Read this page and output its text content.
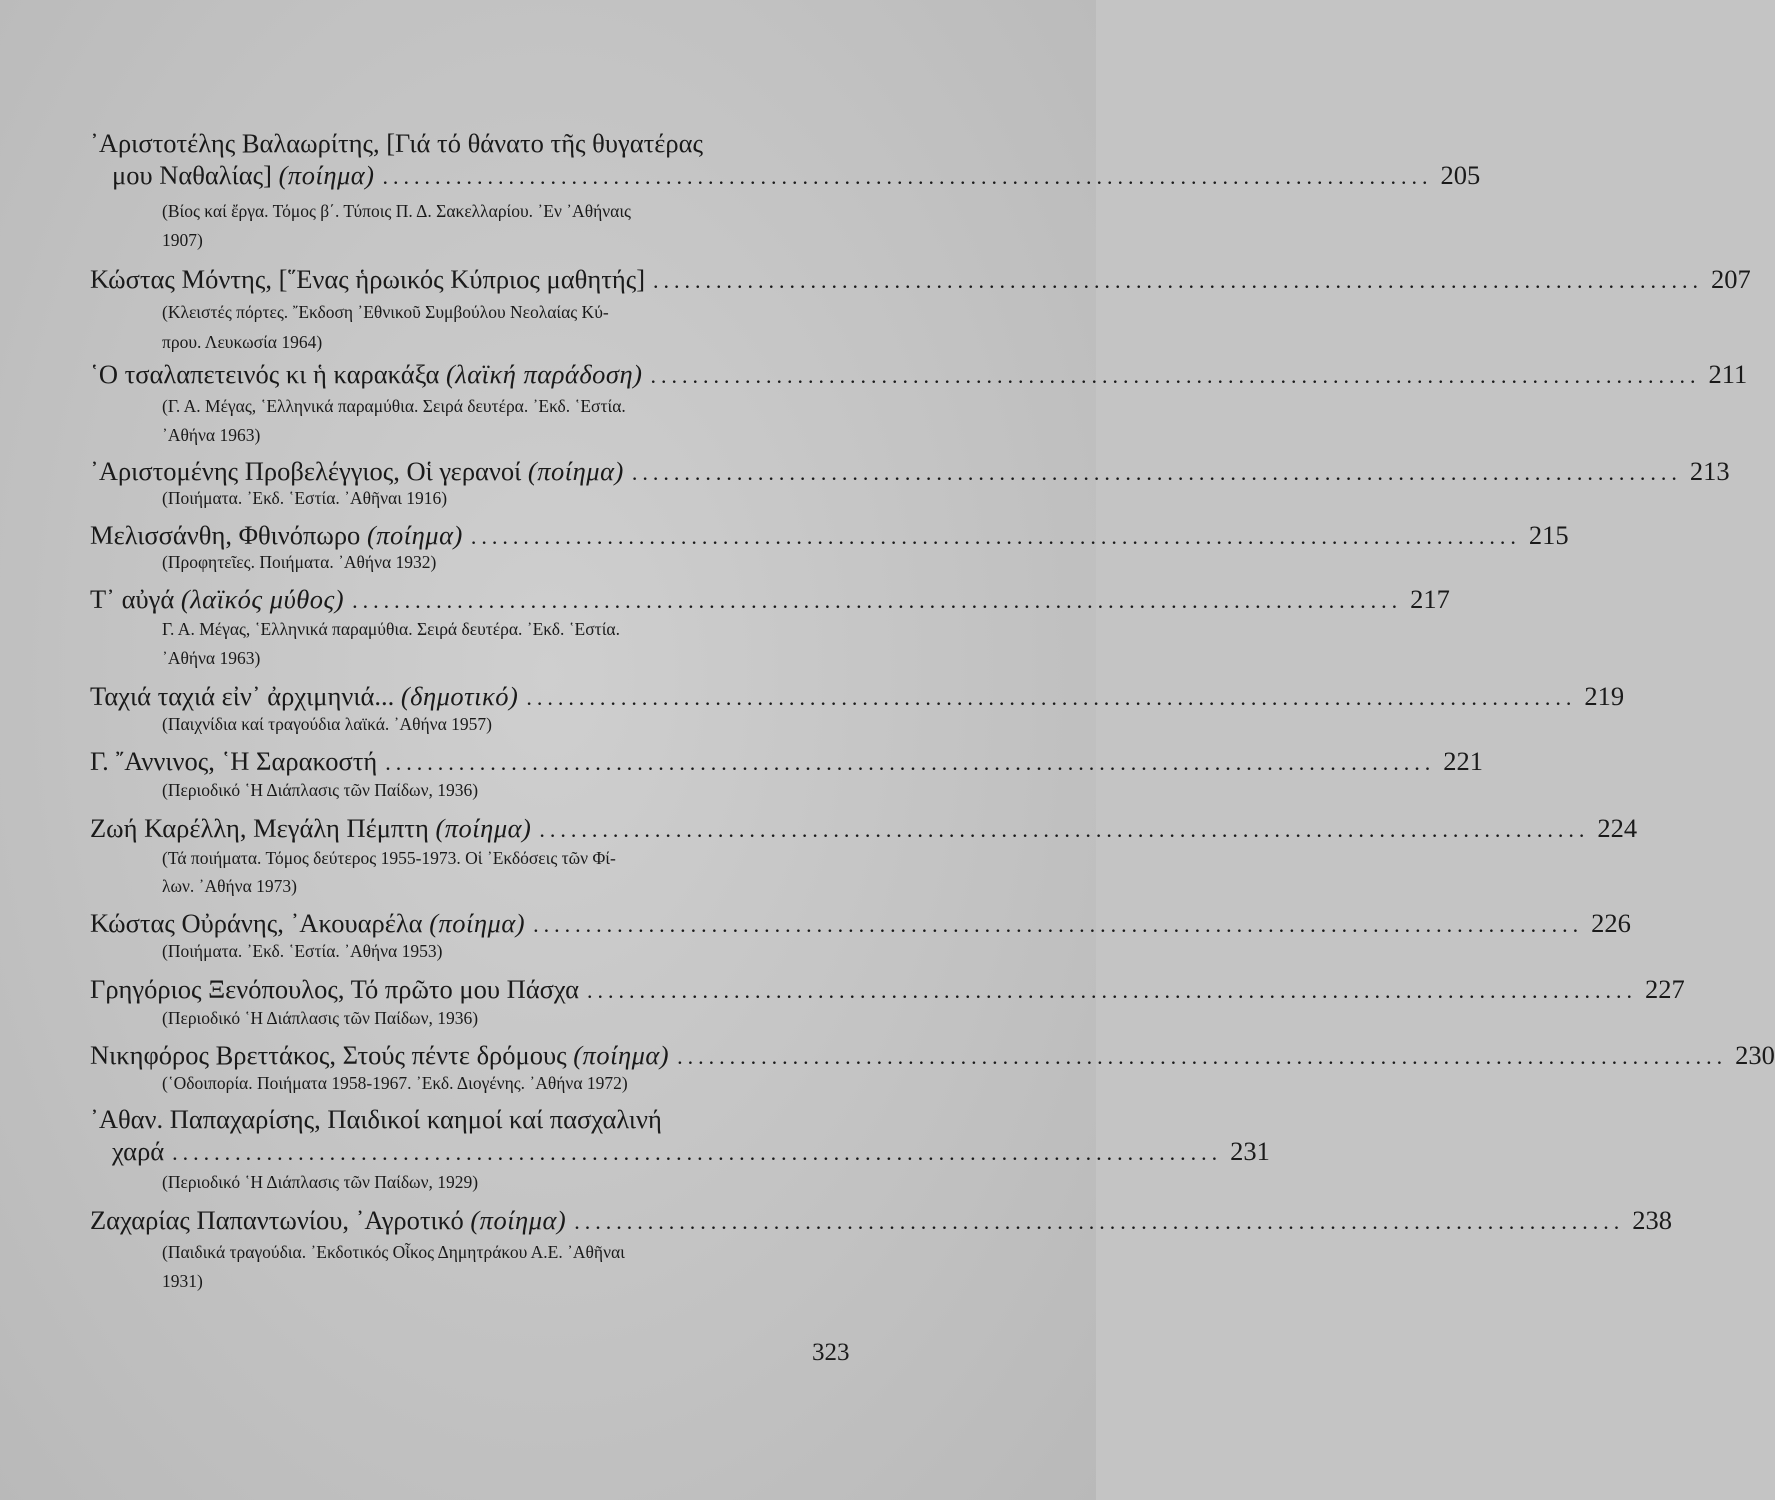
᾿Αριστοτέλης Βαλαωρίτης, [Γιά τό θάνατο τῆς θυγατέρας
μου Ναθαλίας]
(ποίημα) .................................................................................................... 205
(Βίος καί ἔργα. Τόμος β΄. Τύποις Π. Δ. Σακελλαρίου. ᾿Εν ᾿Αθήναις
1907)
Κώστας Μόντης, [῞Ενας ἡρωικός Κύπριος μαθητής] .................................................................................................... 207
(Κλειστές πόρτες. ῎Εκδοση ᾿Εθνικοῦ Συμβούλου Νεολαίας Κύ-
πρου. Λευκωσία 1964)
῾Ο τσαλαπετεινός κι ἡ καρακάξα
(λαϊκή παράδοση) .................................................................................................... 211
(Γ. Α. Μέγας, ῾Ελληνικά παραμύθια. Σειρά δευτέρα. ᾿Εκδ. ῾Εστία.
᾿Αθήνα 1963)
᾿Αριστομένης Προβελέγγιος, Οἱ γερανοί
(ποίημα) .................................................................................................... 213
(Ποιήματα. ᾿Εκδ. ῾Εστία. ᾿Αθῆναι 1916)
Μελισσάνθη, Φθινόπωρο
(ποίημα) .................................................................................................... 215
(Προφητεῖες. Ποιήματα. ᾿Αθήνα 1932)
Τ᾿ αὐγά
(λαϊκός μύθος) .................................................................................................... 217
Γ. Α. Μέγας, ῾Ελληνικά παραμύθια. Σειρά δευτέρα. ᾿Εκδ. ῾Εστία.
᾿Αθήνα 1963)
Ταχιά ταχιά εἰν᾿ ἀρχιμηνιά...
(δημοτικό) .................................................................................................... 219
(Παιχνίδια καί τραγούδια λαϊκά. ᾿Αθήνα 1957)
Γ. ῎Αννινος, ῾Η Σαρακοστή .................................................................................................... 221
(Περιοδικό ῾Η Διάπλασις τῶν Παίδων, 1936)
Ζωή Καρέλλη, Μεγάλη Πέμπτη
(ποίημα) .................................................................................................... 224
(Τά ποιήματα. Τόμος δεύτερος 1955-1973. Οἱ ᾿Εκδόσεις τῶν Φί-
λων. ᾿Αθήνα 1973)
Κώστας Οὐράνης, ᾿Ακουαρέλα
(ποίημα) .................................................................................................... 226
(Ποιήματα. ᾿Εκδ. ῾Εστία. ᾿Αθήνα 1953)
Γρηγόριος Ξενόπουλος, Τό πρῶτο μου Πάσχα .................................................................................................... 227
(Περιοδικό ῾Η Διάπλασις τῶν Παίδων, 1936)
Νικηφόρος Βρεττάκος, Στούς πέντε δρόμους
(ποίημα) .................................................................................................... 230
(῾Οδοιπορία. Ποιήματα 1958-1967. ᾿Εκδ. Διογένης. ᾿Αθήνα 1972)
᾿Αθαν. Παπαχαρίσης, Παιδικοί καημοί καί πασχαλινή
χαρά .................................................................................................... 231
(Περιοδικό ῾Η Διάπλασις τῶν Παίδων, 1929)
Ζαχαρίας Παπαντωνίου, ᾿Αγροτικό
(ποίημα) .................................................................................................... 238
(Παιδικά τραγούδια. ᾿Εκδοτικός Οἶκος Δημητράκου Α.Ε. ᾿Αθῆναι
1931)
323
